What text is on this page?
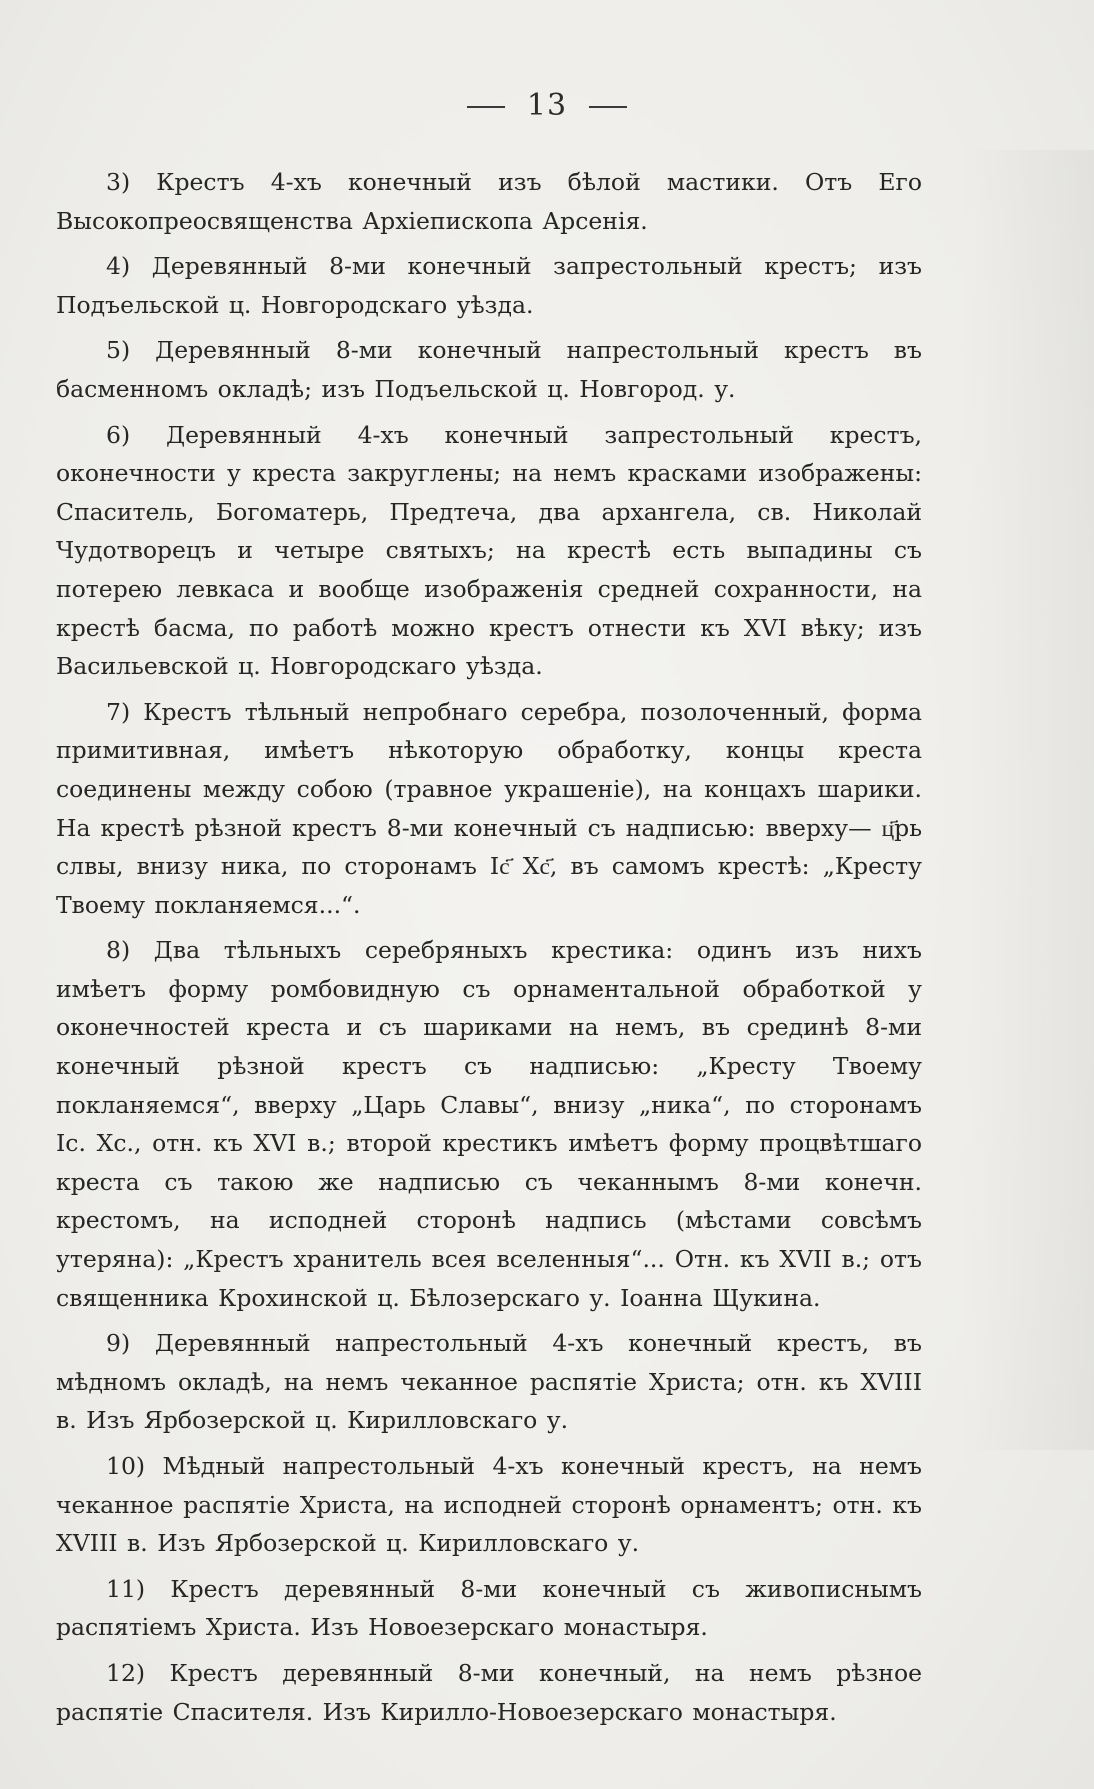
13

3) Крестъ 4-хъ конечный изъ бѣлой мастики. Отъ Его Высокопреосвященства Архіепископа Арсенія.

4) Деревянный 8-ми конечный запрестольный крестъ; изъ Подъельской ц. Новгородскаго уѣзда.

5) Деревянный 8-ми конечный напрестольный крестъ въ басменномъ окладѣ; изъ Подъельской ц. Новгород. у.

6) Деревянный 4-хъ конечный запрестольный крестъ, оконечности у креста закруглены; на немъ красками изображены: Спаситель, Богоматерь, Предтеча, два архангела, св. Николай Чудотворецъ и четыре святыхъ; на крестѣ есть выпадины съ потерею левкаса и вообще изображенія средней сохранности, на крестѣ басма, по работѣ можно крестъ отнести къ XVI вѣку; изъ Васильевской ц. Новгородскаго уѣзда.

7) Крестъ тѣльный непробнаго серебра, позолоченный, форма примитивная, имѣетъ нѣкоторую обработку, концы креста соединены между собою (травное украшеніе), на концахъ шарики. На крестѣ рѣзной крестъ 8-ми конечный съ надписью: вверху— ц҃рь слвы, внизу ника, по сторонамъ Іс҃ Хс҃, въ самомъ крестѣ: „Кресту Твоему покланяемся...“.

8) Два тѣльныхъ серебряныхъ крестика: одинъ изъ нихъ имѣетъ форму ромбовидную съ орнаментальной обработкой у оконечностей креста и съ шариками на немъ, въ срединѣ 8-ми конечный рѣзной крестъ съ надписью: „Кресту Твоему покланяемся“, вверху „Царь Славы“, внизу „ника“, по сторонамъ Іс. Хс., отн. къ XVI в.; второй крестикъ имѣетъ форму процвѣтшаго креста съ такою же надписью съ чеканнымъ 8-ми конечн. крестомъ, на исподней сторонѣ надпись (мѣстами совсѣмъ утеряна): „Крестъ хранитель всея вселенныя“... Отн. къ XVII в.; отъ священника Крохинской ц. Бѣлозерскаго у. Іоанна Щукина.

9) Деревянный напрестольный 4-хъ конечный крестъ, въ мѣдномъ окладѣ, на немъ чеканное распятіе Христа; отн. къ XVIII в. Изъ Ярбозерской ц. Кирилловскаго у.

10) Мѣдный напрестольный 4-хъ конечный крестъ, на немъ чеканное распятіе Христа, на исподней сторонѣ орнаментъ; отн. къ XVIII в. Изъ Ярбозерской ц. Кирилловскаго у.

11) Крестъ деревянный 8-ми конечный съ живописнымъ распятіемъ Христа. Изъ Новоезерскаго монастыря.

12) Крестъ деревянный 8-ми конечный, на немъ рѣзное распятіе Спасителя. Изъ Кирилло-Новоезерскаго монастыря.
